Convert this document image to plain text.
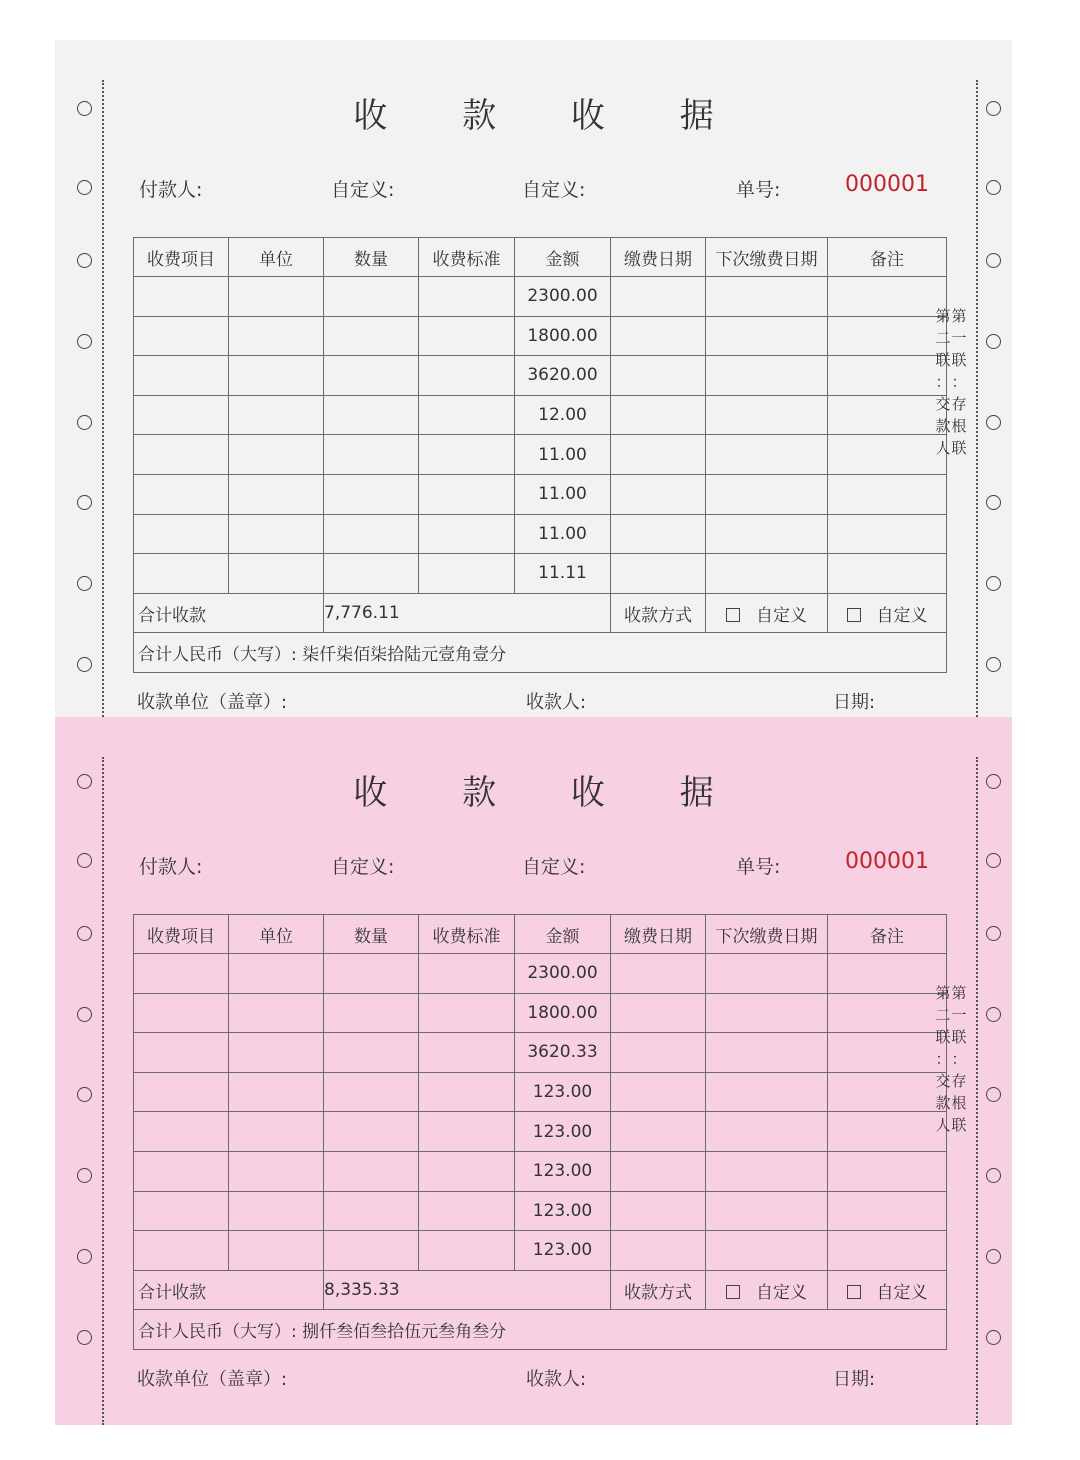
收 款 收 据
付款人:	自定义:	自定义:	单号:	000001
收费项目	单位	数量	收费标准	金额	缴费日期	下次缴费日期	备注
				2300.00			
				1800.00			
				3620.00			
				12.00			
				11.00			
				11.00			
				11.00			
				11.11			
合计收款		7,776.11			收款方式	自定义	自定义
合计人民币（大写）: 柒仟柒佰柒拾陆元壹角壹分							
第第
二一
联联
：：
交存
款根
人联

收款单位（盖章）:	收款人:	日期:
收 款 收 据
付款人:	自定义:	自定义:	单号:	000001
收费项目	单位	数量	收费标准	金额	缴费日期	下次缴费日期	备注
				2300.00			
				1800.00			
				3620.33			
				123.00			
				123.00			
				123.00			
				123.00			
				123.00			
合计收款		8,335.33			收款方式	自定义	自定义
合计人民币（大写）: 捌仟叁佰叁拾伍元叁角叁分							
第第
二一
联联
：：
交存
款根
人联

收款单位（盖章）:	收款人:	日期:
